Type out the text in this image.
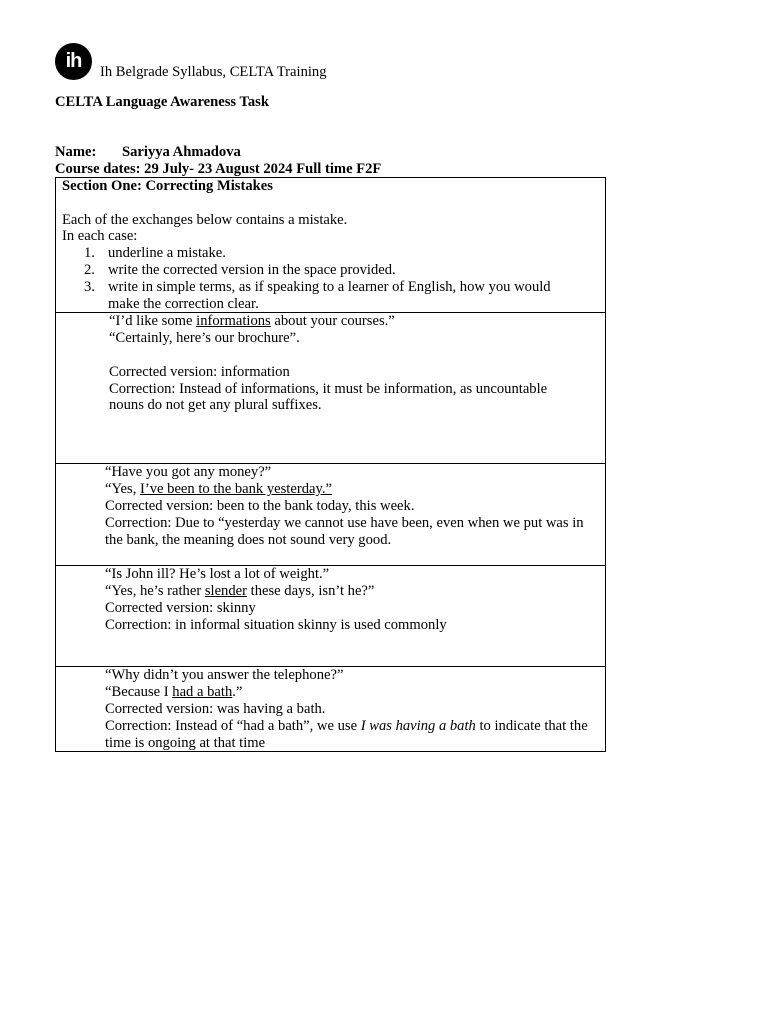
ih	Ih Belgrade Syllabus, CELTA Training
CELTA Language Awareness Task
Name: Sariyya Ahmadova
Course dates: 29 July- 23 August 2024 Full time F2F
Section One: Correcting Mistakes
Each of the exchanges below contains a mistake.
In each case:
1. underline a mistake.
2. write the corrected version in the space provided.
3. write in simple terms, as if speaking to a learner of English, how you would make the correction clear.

“I’d like some informations about your courses.”
“Certainly, here’s our brochure”.
Corrected version: information
Correction: Instead of informations, it must be information, as uncountable nouns do not get any plural suffixes.

“Have you got any money?”
“Yes, I’ve been to the bank yesterday.”
Corrected version: been to the bank today, this week.
Correction: Due to “yesterday we cannot use have been, even when we put was in the bank, the meaning does not sound very good.

“Is John ill? He’s lost a lot of weight.”
“Yes, he’s rather slender these days, isn’t he?”
Corrected version: skinny
Correction: in informal situation skinny is used commonly

“Why didn’t you answer the telephone?”
“Because I had a bath.”
Corrected version: was having a bath.
Correction: Instead of “had a bath”, we use I was having a bath to indicate that the time is ongoing at that time
